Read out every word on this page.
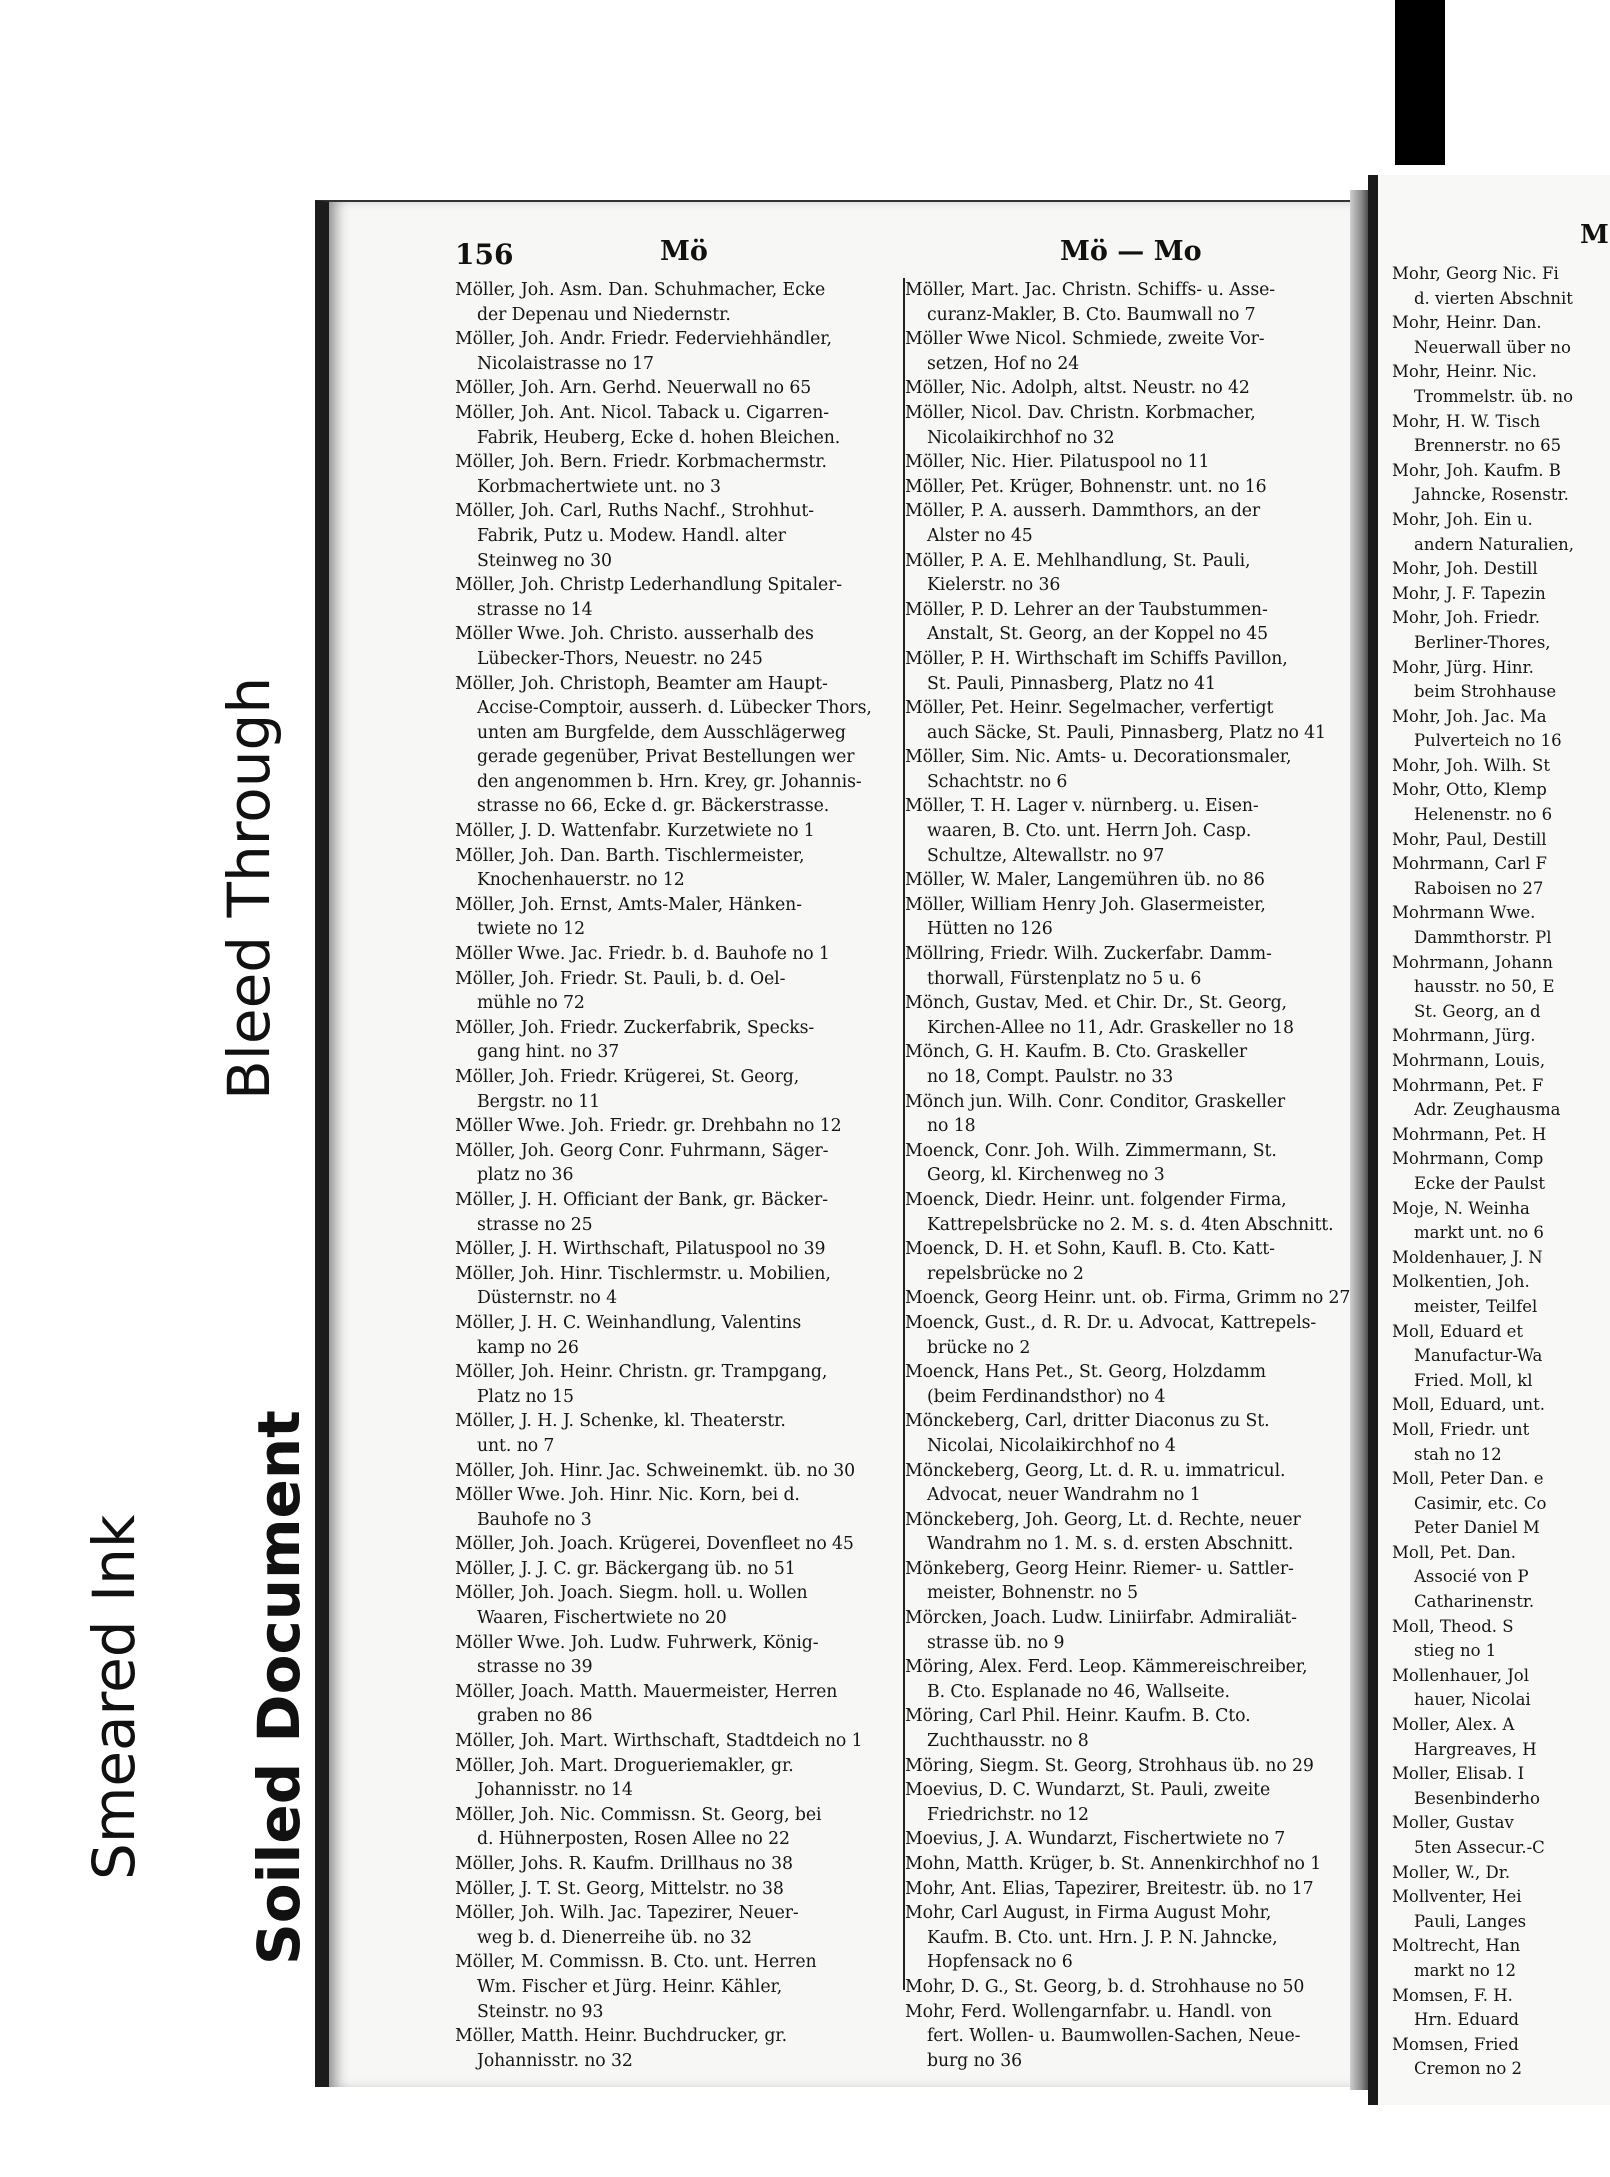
156	Mö	Mö — Mo
M
Möller, Joh. Asm. Dan. Schuhmacher, Ecke
der Depenau und Niedernstr.
Möller, Joh. Andr. Friedr. Federviehhändler,
Nicolaistrasse no 17
Möller, Joh. Arn. Gerhd. Neuerwall no 65
Möller, Joh. Ant. Nicol. Taback u. Cigarren-
Fabrik, Heuberg, Ecke d. hohen Bleichen.
Möller, Joh. Bern. Friedr. Korbmachermstr.
Korbmachertwiete unt. no 3
Möller, Joh. Carl, Ruths Nachf., Strohhut-
Fabrik, Putz u. Modew. Handl. alter
Steinweg no 30
Möller, Joh. Christp Lederhandlung Spitaler-
strasse no 14
Möller Wwe. Joh. Christo. ausserhalb des
Lübecker-Thors, Neuestr. no 245
Möller, Joh. Christoph, Beamter am Haupt-
Accise-Comptoir, ausserh. d. Lübecker Thors,
unten am Burgfelde, dem Ausschlägerweg
gerade gegenüber, Privat Bestellungen wer
den angenommen b. Hrn. Krey, gr. Johannis-
strasse no 66, Ecke d. gr. Bäckerstrasse.
Möller, J. D. Wattenfabr. Kurzetwiete no 1
Möller, Joh. Dan. Barth. Tischlermeister,
Knochenhauerstr. no 12
Möller, Joh. Ernst, Amts-Maler, Hänken-
twiete no 12
Möller Wwe. Jac. Friedr. b. d. Bauhofe no 1
Möller, Joh. Friedr. St. Pauli, b. d. Oel-
mühle no 72
Möller, Joh. Friedr. Zuckerfabrik, Specks-
gang hint. no 37
Möller, Joh. Friedr. Krügerei, St. Georg,
Bergstr. no 11
Möller Wwe. Joh. Friedr. gr. Drehbahn no 12
Möller, Joh. Georg Conr. Fuhrmann, Säger-
platz no 36
Möller, J. H. Officiant der Bank, gr. Bäcker-
strasse no 25
Möller, J. H. Wirthschaft, Pilatuspool no 39
Möller, Joh. Hinr. Tischlermstr. u. Mobilien,
Düsternstr. no 4
Möller, J. H. C. Weinhandlung, Valentins
kamp no 26
Möller, Joh. Heinr. Christn. gr. Trampgang,
Platz no 15
Möller, J. H. J. Schenke, kl. Theaterstr.
unt. no 7
Möller, Joh. Hinr. Jac. Schweinemkt. üb. no 30
Möller Wwe. Joh. Hinr. Nic. Korn, bei d.
Bauhofe no 3
Möller, Joh. Joach. Krügerei, Dovenfleet no 45
Möller, J. J. C. gr. Bäckergang üb. no 51
Möller, Joh. Joach. Siegm. holl. u. Wollen
Waaren, Fischertwiete no 20
Möller Wwe. Joh. Ludw. Fuhrwerk, König-
strasse no 39
Möller, Joach. Matth. Mauermeister, Herren
graben no 86
Möller, Joh. Mart. Wirthschaft, Stadtdeich no 1
Möller, Joh. Mart. Drogueriemakler, gr.
Johannisstr. no 14
Möller, Joh. Nic. Commissn. St. Georg, bei
d. Hühnerposten, Rosen Allee no 22
Möller, Johs. R. Kaufm. Drillhaus no 38
Möller, J. T. St. Georg, Mittelstr. no 38
Möller, Joh. Wilh. Jac. Tapezirer, Neuer-
weg b. d. Dienerreihe üb. no 32
Möller, M. Commissn. B. Cto. unt. Herren
Wm. Fischer et Jürg. Heinr. Kähler,
Steinstr. no 93
Möller, Matth. Heinr. Buchdrucker, gr.
Johannisstr. no 32
Möller, Mart. Jac. Christn. Schiffs- u. Asse-
curanz-Makler, B. Cto. Baumwall no 7
Möller Wwe Nicol. Schmiede, zweite Vor-
setzen, Hof no 24
Möller, Nic. Adolph, altst. Neustr. no 42
Möller, Nicol. Dav. Christn. Korbmacher,
Nicolaikirchhof no 32
Möller, Nic. Hier. Pilatuspool no 11
Möller, Pet. Krüger, Bohnenstr. unt. no 16
Möller, P. A. ausserh. Dammthors, an der
Alster no 45
Möller, P. A. E. Mehlhandlung, St. Pauli,
Kielerstr. no 36
Möller, P. D. Lehrer an der Taubstummen-
Anstalt, St. Georg, an der Koppel no 45
Möller, P. H. Wirthschaft im Schiffs Pavillon,
St. Pauli, Pinnasberg, Platz no 41
Möller, Pet. Heinr. Segelmacher, verfertigt
auch Säcke, St. Pauli, Pinnasberg, Platz no 41
Möller, Sim. Nic. Amts- u. Decorationsmaler,
Schachtstr. no 6
Möller, T. H. Lager v. nürnberg. u. Eisen-
waaren, B. Cto. unt. Herrn Joh. Casp.
Schultze, Altewallstr. no 97
Möller, W. Maler, Langemühren üb. no 86
Möller, William Henry Joh. Glasermeister,
Hütten no 126
Möllring, Friedr. Wilh. Zuckerfabr. Damm-
thorwall, Fürstenplatz no 5 u. 6
Mönch, Gustav, Med. et Chir. Dr., St. Georg,
Kirchen-Allee no 11, Adr. Graskeller no 18
Mönch, G. H. Kaufm. B. Cto. Graskeller
no 18, Compt. Paulstr. no 33
Mönch jun. Wilh. Conr. Conditor, Graskeller
no 18
Moenck, Conr. Joh. Wilh. Zimmermann, St.
Georg, kl. Kirchenweg no 3
Moenck, Diedr. Heinr. unt. folgender Firma,
Kattrepelsbrücke no 2. M. s. d. 4ten Abschnitt.
Moenck, D. H. et Sohn, Kaufl. B. Cto. Katt-
repelsbrücke no 2
Moenck, Georg Heinr. unt. ob. Firma, Grimm no 27
Moenck, Gust., d. R. Dr. u. Advocat, Kattrepels-
brücke no 2
Moenck, Hans Pet., St. Georg, Holzdamm
(beim Ferdinandsthor) no 4
Mönckeberg, Carl, dritter Diaconus zu St.
Nicolai, Nicolaikirchhof no 4
Mönckeberg, Georg, Lt. d. R. u. immatricul.
Advocat, neuer Wandrahm no 1
Mönckeberg, Joh. Georg, Lt. d. Rechte, neuer
Wandrahm no 1. M. s. d. ersten Abschnitt.
Mönkeberg, Georg Heinr. Riemer- u. Sattler-
meister, Bohnenstr. no 5
Mörcken, Joach. Ludw. Liniirfabr. Admiraliät-
strasse üb. no 9
Möring, Alex. Ferd. Leop. Kämmereischreiber,
B. Cto. Esplanade no 46, Wallseite.
Möring, Carl Phil. Heinr. Kaufm. B. Cto.
Zuchthausstr. no 8
Möring, Siegm. St. Georg, Strohhaus üb. no 29
Moevius, D. C. Wundarzt, St. Pauli, zweite
Friedrichstr. no 12
Moevius, J. A. Wundarzt, Fischertwiete no 7
Mohn, Matth. Krüger, b. St. Annenkirchhof no 1
Mohr, Ant. Elias, Tapezirer, Breitestr. üb. no 17
Mohr, Carl August, in Firma August Mohr,
Kaufm. B. Cto. unt. Hrn. J. P. N. Jahncke,
Hopfensack no 6
Mohr, D. G., St. Georg, b. d. Strohhause no 50
Mohr, Ferd. Wollengarnfabr. u. Handl. von
fert. Wollen- u. Baumwollen-Sachen, Neue-
burg no 36
Mohr, Georg Nic. Fi
d. vierten Abschnit
Mohr, Heinr. Dan.
Neuerwall über no
Mohr, Heinr. Nic.
Trommelstr. üb. no
Mohr, H. W. Tisch
Brennerstr. no 65
Mohr, Joh. Kaufm. B
Jahncke, Rosenstr.
Mohr, Joh. Ein u.
andern Naturalien,
Mohr, Joh. Destill
Mohr, J. F. Tapezin
Mohr, Joh. Friedr.
Berliner-Thores,
Mohr, Jürg. Hinr.
beim Strohhause
Mohr, Joh. Jac. Ma
Pulverteich no 16
Mohr, Joh. Wilh. St
Mohr, Otto, Klemp
Helenenstr. no 6
Mohr, Paul, Destill
Mohrmann, Carl F
Raboisen no 27
Mohrmann Wwe.
Dammthorstr. Pl
Mohrmann, Johann
hausstr. no 50, E
St. Georg, an d
Mohrmann, Jürg.
Mohrmann, Louis,
Mohrmann, Pet. F
Adr. Zeughausma
Mohrmann, Pet. H
Mohrmann, Comp
Ecke der Paulst
Moje, N. Weinha
markt unt. no 6
Moldenhauer, J. N
Molkentien, Joh.
meister, Teilfel
Moll, Eduard et
Manufactur-Wa
Fried. Moll, kl
Moll, Eduard, unt.
Moll, Friedr. unt
stah no 12
Moll, Peter Dan. e
Casimir, etc. Co
Peter Daniel M
Moll, Pet. Dan.
Associé von P
Catharinenstr.
Moll, Theod. S
stieg no 1
Mollenhauer, Jol
hauer, Nicolai
Moller, Alex. A
Hargreaves, H
Moller, Elisab. I
Besenbinderho
Moller, Gustav
5ten Assecur.-C
Moller, W., Dr.
Mollventer, Hei
Pauli, Langes
Moltrecht, Han
markt no 12
Momsen, F. H.
Hrn. Eduard
Momsen, Fried
Cremon no 2
Bleed Through
Smeared Ink Soiled Document
